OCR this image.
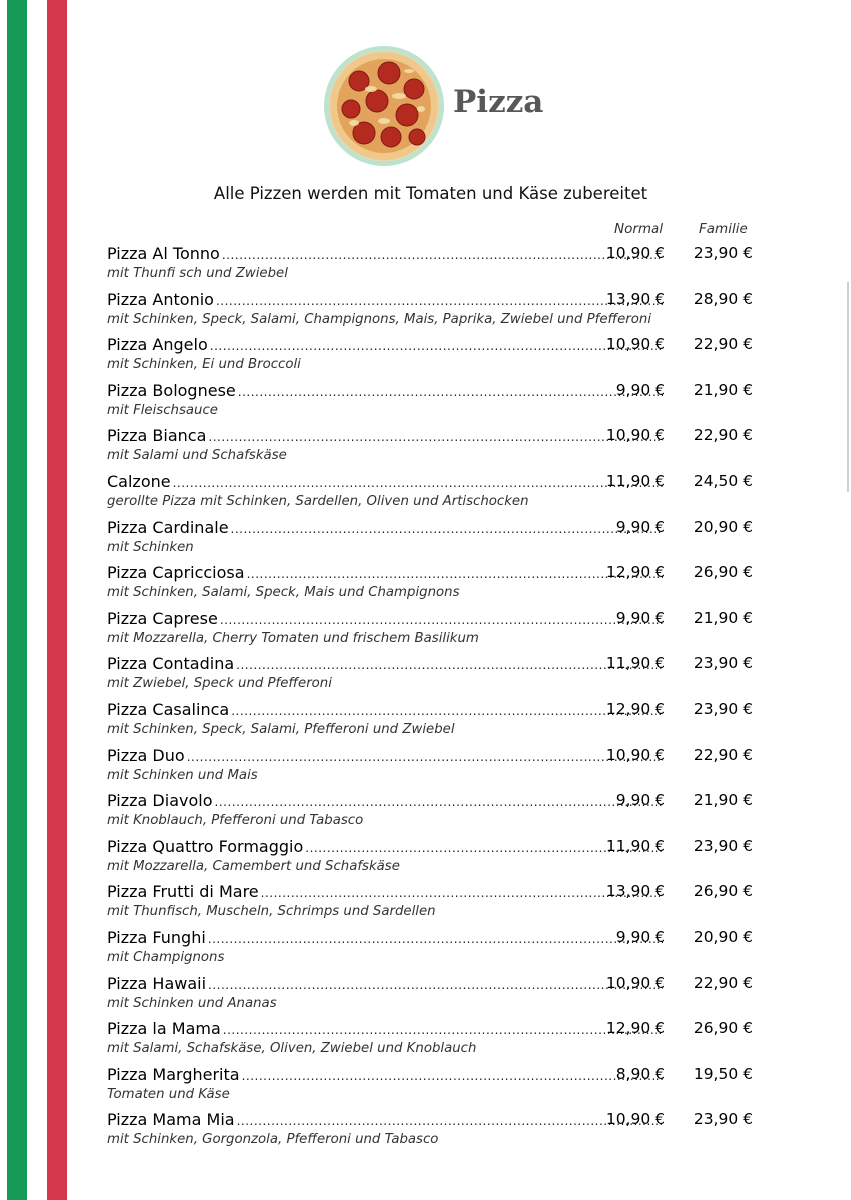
Pizza
Alle Pizzen werden mit Tomaten und Käse zubereitet
Normal	Familie
Pizza Al Tonno .....	10,90 €	23,90 €
mit Thunfi sch und Zwiebel
Pizza Antonio .....	13,90 €	28,90 €
mit Schinken, Speck, Salami, Champignons, Mais, Paprika, Zwiebel und Pfefferoni
Pizza Angelo .....	10,90 €	22,90 €
mit Schinken, Ei und Broccoli
Pizza Bolognese .....	9,90 €	21,90 €
mit Fleischsauce
Pizza Bianca .....	10,90 €	22,90 €
mit Salami und Schafskäse
Calzone .....	11,90 €	24,50 €
gerollte Pizza mit Schinken, Sardellen, Oliven und Artischocken
Pizza Cardinale .....	9,90 €	20,90 €
mit Schinken
Pizza Capricciosa .....	12,90 €	26,90 €
mit Schinken, Salami, Speck, Mais und Champignons
Pizza Caprese .....	9,90 €	21,90 €
mit Mozzarella, Cherry Tomaten und frischem Basilikum
Pizza Contadina .....	11,90 €	23,90 €
mit Zwiebel, Speck und Pfefferoni
Pizza Casalinca .....	12,90 €	23,90 €
mit Schinken, Speck, Salami, Pfefferoni und Zwiebel
Pizza Duo .....	10,90 €	22,90 €
mit Schinken und Mais
Pizza Diavolo .....	9,90 €	21,90 €
mit Knoblauch, Pfefferoni und Tabasco
Pizza Quattro Formaggio .....	11,90 €	23,90 €
mit Mozzarella, Camembert und Schafskäse
Pizza Frutti di Mare .....	13,90 €	26,90 €
mit Thunfisch, Muscheln, Schrimps und Sardellen
Pizza Funghi .....	9,90 €	20,90 €
mit Champignons
Pizza Hawaii .....	10,90 €	22,90 €
mit Schinken und Ananas
Pizza la Mama .....	12,90 €	26,90 €
mit Salami, Schafskäse, Oliven, Zwiebel und Knoblauch
Pizza Margherita .....	8,90 €	19,50 €
Tomaten und Käse
Pizza Mama Mia .....	10,90 €	23,90 €
mit Schinken, Gorgonzola, Pfefferoni und Tabasco
